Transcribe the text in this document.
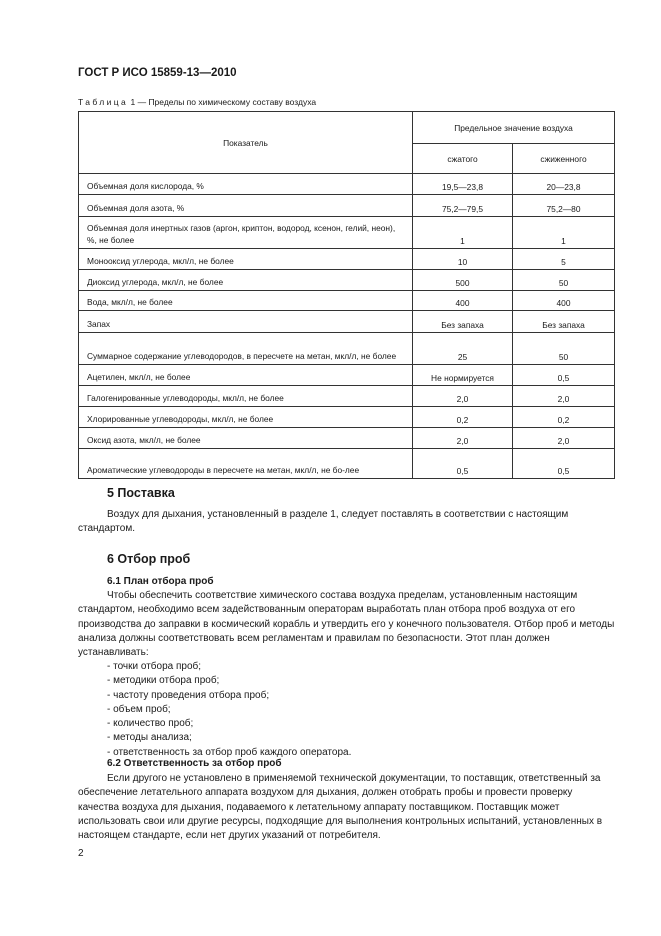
ГОСТ Р ИСО 15859-13—2010
Таблица 1 — Пределы по химическому составу воздуха
Показатель	Предельное значение воздуха	
	сжатого	сжиженного
Объемная доля кислорода, %	19,5—23,8	20—23,8
Объемная доля азота, %	75,2—79,5	75,2—80
Объемная доля инертных газов (аргон, криптон, водород, ксенон, гелий, неон), %, не более	1	1
Монооксид углерода, мкл/л, не более	10	5
Диоксид углерода, мкл/л, не более	500	50
Вода, мкл/л, не более	400	400
Запах	Без запаха	Без запаха
Суммарное содержание углеводородов, в пересчете на метан, мкл/л, не более	25	50
Ацетилен, мкл/л, не более	Не нормируется	0,5
Галогенированные углеводороды, мкл/л, не более	2,0	2,0
Хлорированные углеводороды, мкл/л, не более	0,2	0,2
Оксид азота, мкл/л, не более	2,0	2,0
Ароматические углеводороды в пересчете на метан, мкл/л, не бо-лее	0,5	0,5
5 Поставка
Воздух для дыхания, установленный в разделе 1, следует поставлять в соответствии с настоящим стандартом.
6 Отбор проб
6.1 План отбора проб
Чтобы обеспечить соответствие химического состава воздуха пределам, установленным настоящим стандартом, необходимо всем задействованным операторам выработать план отбора проб воздуха от его производства до заправки в космический корабль и утвердить его у конечного пользователя. Отбор проб и методы анализа должны соответствовать всем регламентам и правилам по безопасности. Этот план должен устанавливать:
- точки отбора проб;
- методики отбора проб;
- частоту проведения отбора проб;
- объем проб;
- количество проб;
- методы анализа;
- ответственность за отбор проб каждого оператора.
6.2 Ответственность за отбор проб
Если другого не установлено в применяемой технической документации, то поставщик, ответственный за обеспечение летательного аппарата воздухом для дыхания, должен отобрать пробы и провести проверку качества воздуха для дыхания, подаваемого к летательному аппарату поставщиком. Поставщик может использовать свои или другие ресурсы, подходящие для выполнения контрольных испытаний, установленных в настоящем стандарте, если нет других указаний от потребителя.
2
